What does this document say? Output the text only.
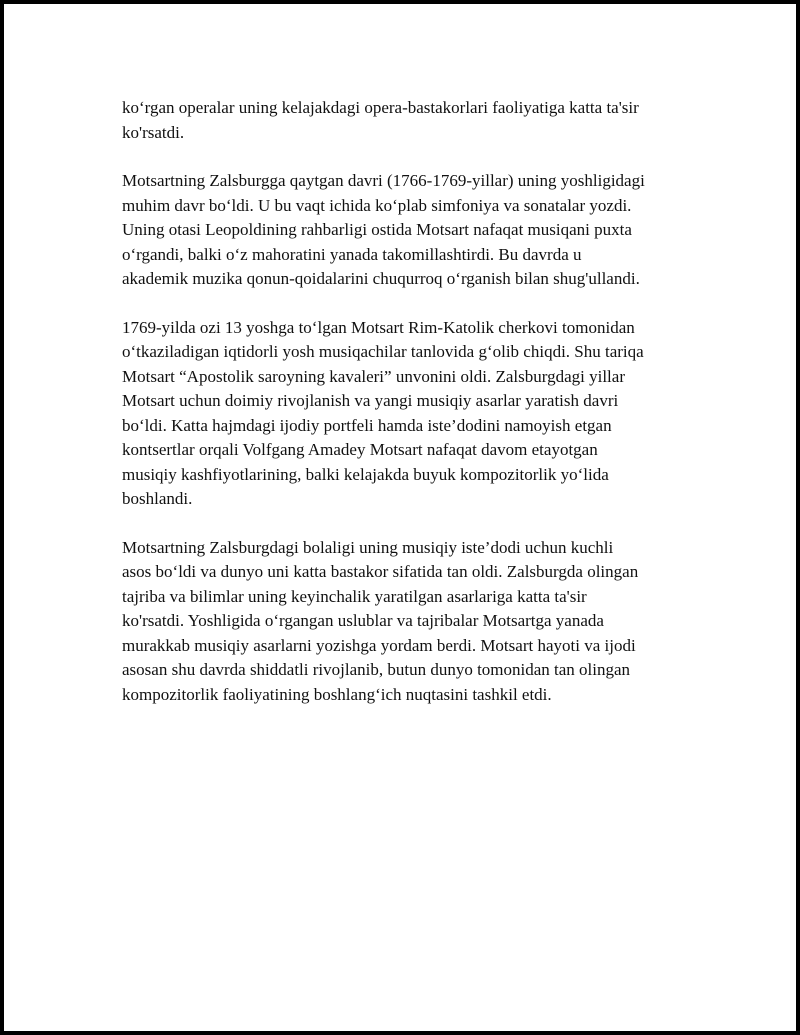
ko‘rgan operalar uning kelajakdagi opera-bastakorlari faoliyatiga katta ta'sir
ko'rsatdi.

Motsartning Zalsburgga qaytgan davri (1766-1769-yillar) uning yoshligidagi
muhim davr bo‘ldi. U bu vaqt ichida ko‘plab simfoniya va sonatalar yozdi.
Uning otasi Leopoldining rahbarligi ostida Motsart nafaqat musiqani puxta
o‘rgandi, balki o‘z mahoratini yanada takomillashtirdi. Bu davrda u
akademik muzika qonun-qoidalarini chuqurroq o‘rganish bilan shug'ullandi.

1769-yilda ozi 13 yoshga to‘lgan Motsart Rim-Katolik cherkovi tomonidan
o‘tkaziladigan iqtidorli yosh musiqachilar tanlovida g‘olib chiqdi. Shu tariqa
Motsart “Apostolik saroyning kavaleri” unvonini oldi. Zalsburgdagi yillar
Motsart uchun doimiy rivojlanish va yangi musiqiy asarlar yaratish davri
bo‘ldi. Katta hajmdagi ijodiy portfeli hamda iste’dodini namoyish etgan
kontsertlar orqali Volfgang Amadey Motsart nafaqat davom etayotgan
musiqiy kashfiyotlarining, balki kelajakda buyuk kompozitorlik yo‘lida
boshlandi.

Motsartning Zalsburgdagi bolaligi uning musiqiy iste’dodi uchun kuchli
asos bo‘ldi va dunyo uni katta bastakor sifatida tan oldi. Zalsburgda olingan
tajriba va bilimlar uning keyinchalik yaratilgan asarlariga katta ta'sir
ko'rsatdi. Yoshligida o‘rgangan uslublar va tajribalar Motsartga yanada
murakkab musiqiy asarlarni yozishga yordam berdi. Motsart hayoti va ijodi
asosan shu davrda shiddatli rivojlanib, butun dunyo tomonidan tan olingan
kompozitorlik faoliyatining boshlang‘ich nuqtasini tashkil etdi.
